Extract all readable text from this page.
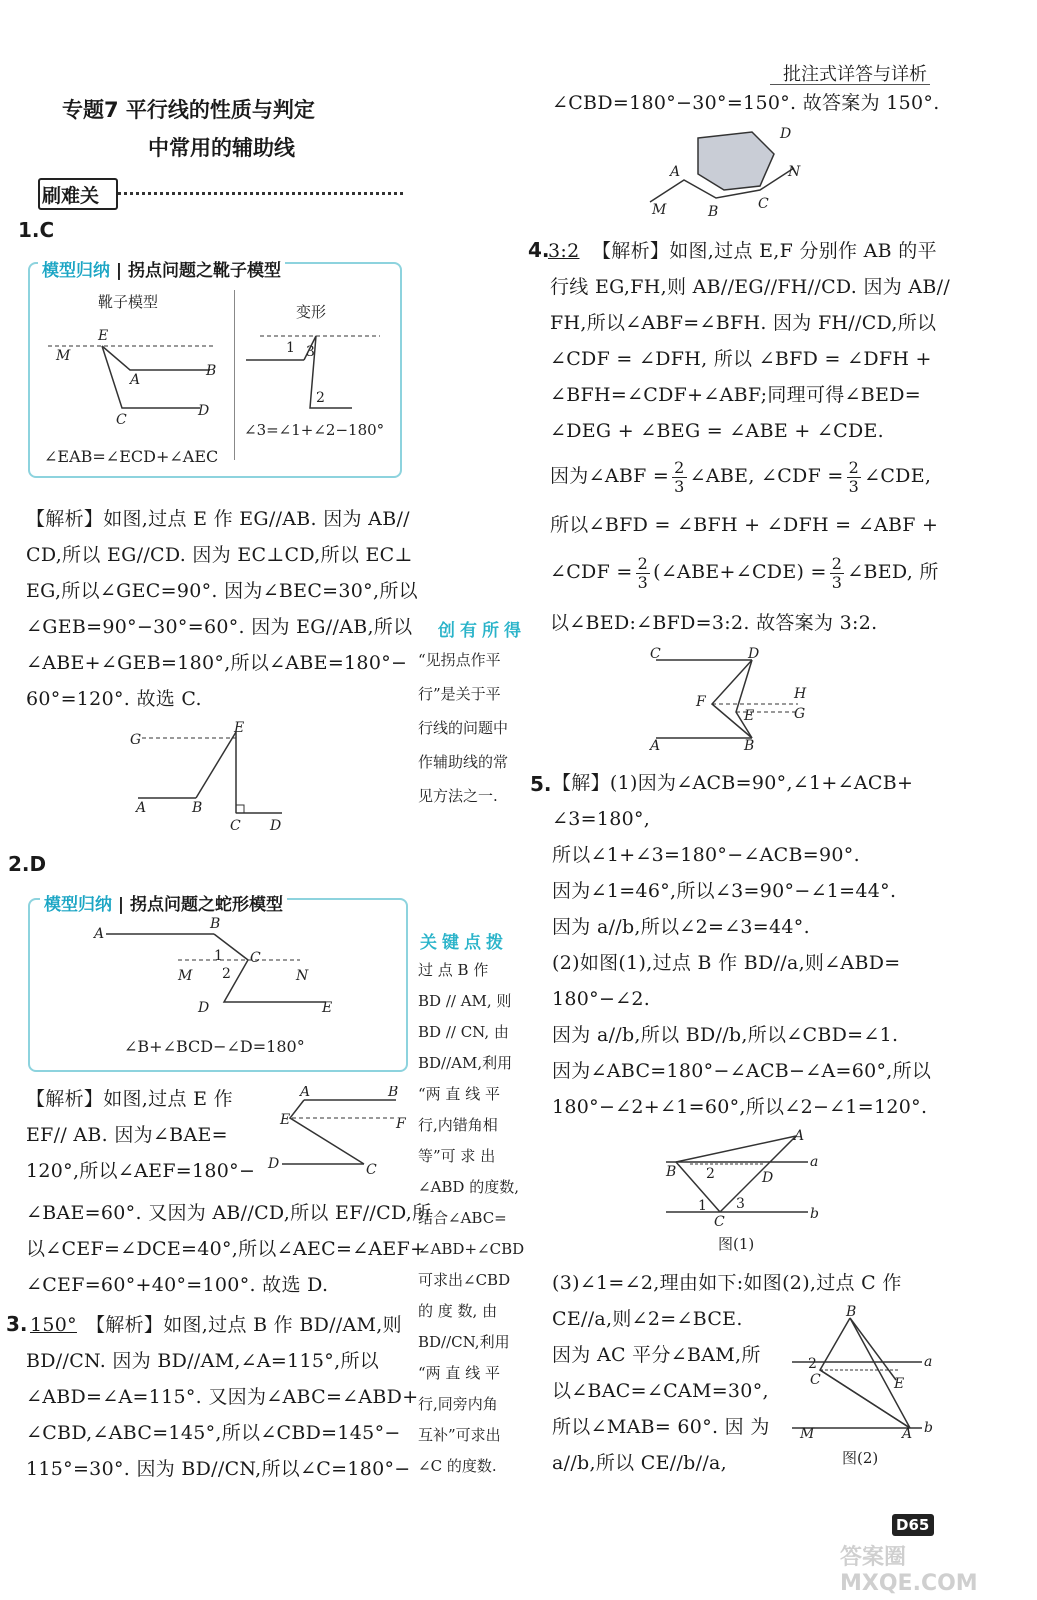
批注式详答与详析
专题7 平行线的性质与判定
中常用的辅助线
刷难关
1.C
模型归纳 | 拐点问题之靴子模型
靴子模型
变形
E
M
A
B
C
D
1 3
2
∠3=∠1+∠2−180°
∠EAB=∠ECD+∠AEC
【解析】如图,过点 E 作 EG//AB. 因为 AB//
CD,所以 EG//CD. 因为 EC⊥CD,所以 EC⊥
EG,所以∠GEC=90°. 因为∠BEC=30°,所以
∠GEB=90°−30°=60°. 因为 EG//AB,所以
∠ABE+∠GEB=180°,所以∠ABE=180°−
60°=120°. 故选 C.
创有所得
“见拐点作平
行”是关于平
行线的问题中
作辅助线的常
见方法之一.
G
E
A	B
C D
2.D
模型归纳 | 拐点问题之蛇形模型
A
B
C
M	N
D	E
1
2
∠B+∠BCD−∠D=180°
【解析】如图,过点 E 作
EF// AB. 因为∠BAE=
120°,所以∠AEF=180°−
A	B
E	F
D	C
∠BAE=60°. 又因为 AB//CD,所以 EF//CD,所
以∠CEF=∠DCE=40°,所以∠AEC=∠AEF+
∠CEF=60°+40°=100°. 故选 D.
关键点拨
过 点 B 作
BD // AM, 则
BD // CN, 由
BD//AM,利用
“两 直 线 平
行,内错角相
等”可 求 出
∠ABD 的度数,
结合∠ABC=
∠ABD+∠CBD
可求出∠CBD
的 度 数, 由
BD//CN,利用
“两 直 线 平
行,同旁内角
互补”可求出
∠C 的度数.
3. 150° 【解析】如图,过点 B 作 BD//AM,则
BD//CN. 因为 BD//AM,∠A=115°,所以
∠ABD=∠A=115°. 又因为∠ABC=∠ABD+
∠CBD,∠ABC=145°,所以∠CBD=145°−
115°=30°. 因为 BD//CN,所以∠C=180°−
∠CBD=180°−30°=150°. 故答案为 150°.
D
A	N
M	B	C
4.
3:2 【解析】如图,过点 E,F 分别作 AB 的平
行线 EG,FH,则 AB//EG//FH//CD. 因为 AB//
FH,所以∠ABF=∠BFH. 因为 FH//CD,所以
∠CDF = ∠DFH, 所以 ∠BFD = ∠DFH +
∠BFH=∠CDF+∠ABF;同理可得∠BED=
∠DEG + ∠BEG = ∠ABE + ∠CDE.
因为∠ABF = $\frac{2}{3}$ ∠ABE, ∠CDF = $\frac{2}{3}$ ∠CDE,
所以∠BFD = ∠BFH + ∠DFH = ∠ABF +
∠CDF = $\frac{2}{3}$ (∠ABE+∠CDE) = $\frac{2}{3}$ ∠BED, 所
以∠BED:∠BFD=3:2. 故答案为 3:2.
C	D
F	H
E	G
A	B
5. 【解】(1)因为∠ACB=90°,∠1+∠ACB+
∠3=180°,
所以∠1+∠3=180°−∠ACB=90°.
因为∠1=46°,所以∠3=90°−∠1=44°.
因为 a//b,所以∠2=∠3=44°.
(2)如图(1),过点 B 作 BD//a,则∠ABD=
180°−∠2.
因为 a//b,所以 BD//b,所以∠CBD=∠1.
因为∠ABC=180°−∠ACB−∠A=60°,所以
180°−∠2+∠1=60°,所以∠2−∠1=120°.
A
a
B 2	D
1 3
C	b
图(1)
(3)∠1=∠2,理由如下:如图(2),过点 C 作
CE//a,则∠2=∠BCE.
因为 AC 平分∠BAM,所
以∠BAC=∠CAM=30°,
所以∠MAB= 60°. 因 为
a//b,所以 CE//b//a,
B
a
2
C	E
M	A b
图(2)
D65
答案圈 MXQE.COM
